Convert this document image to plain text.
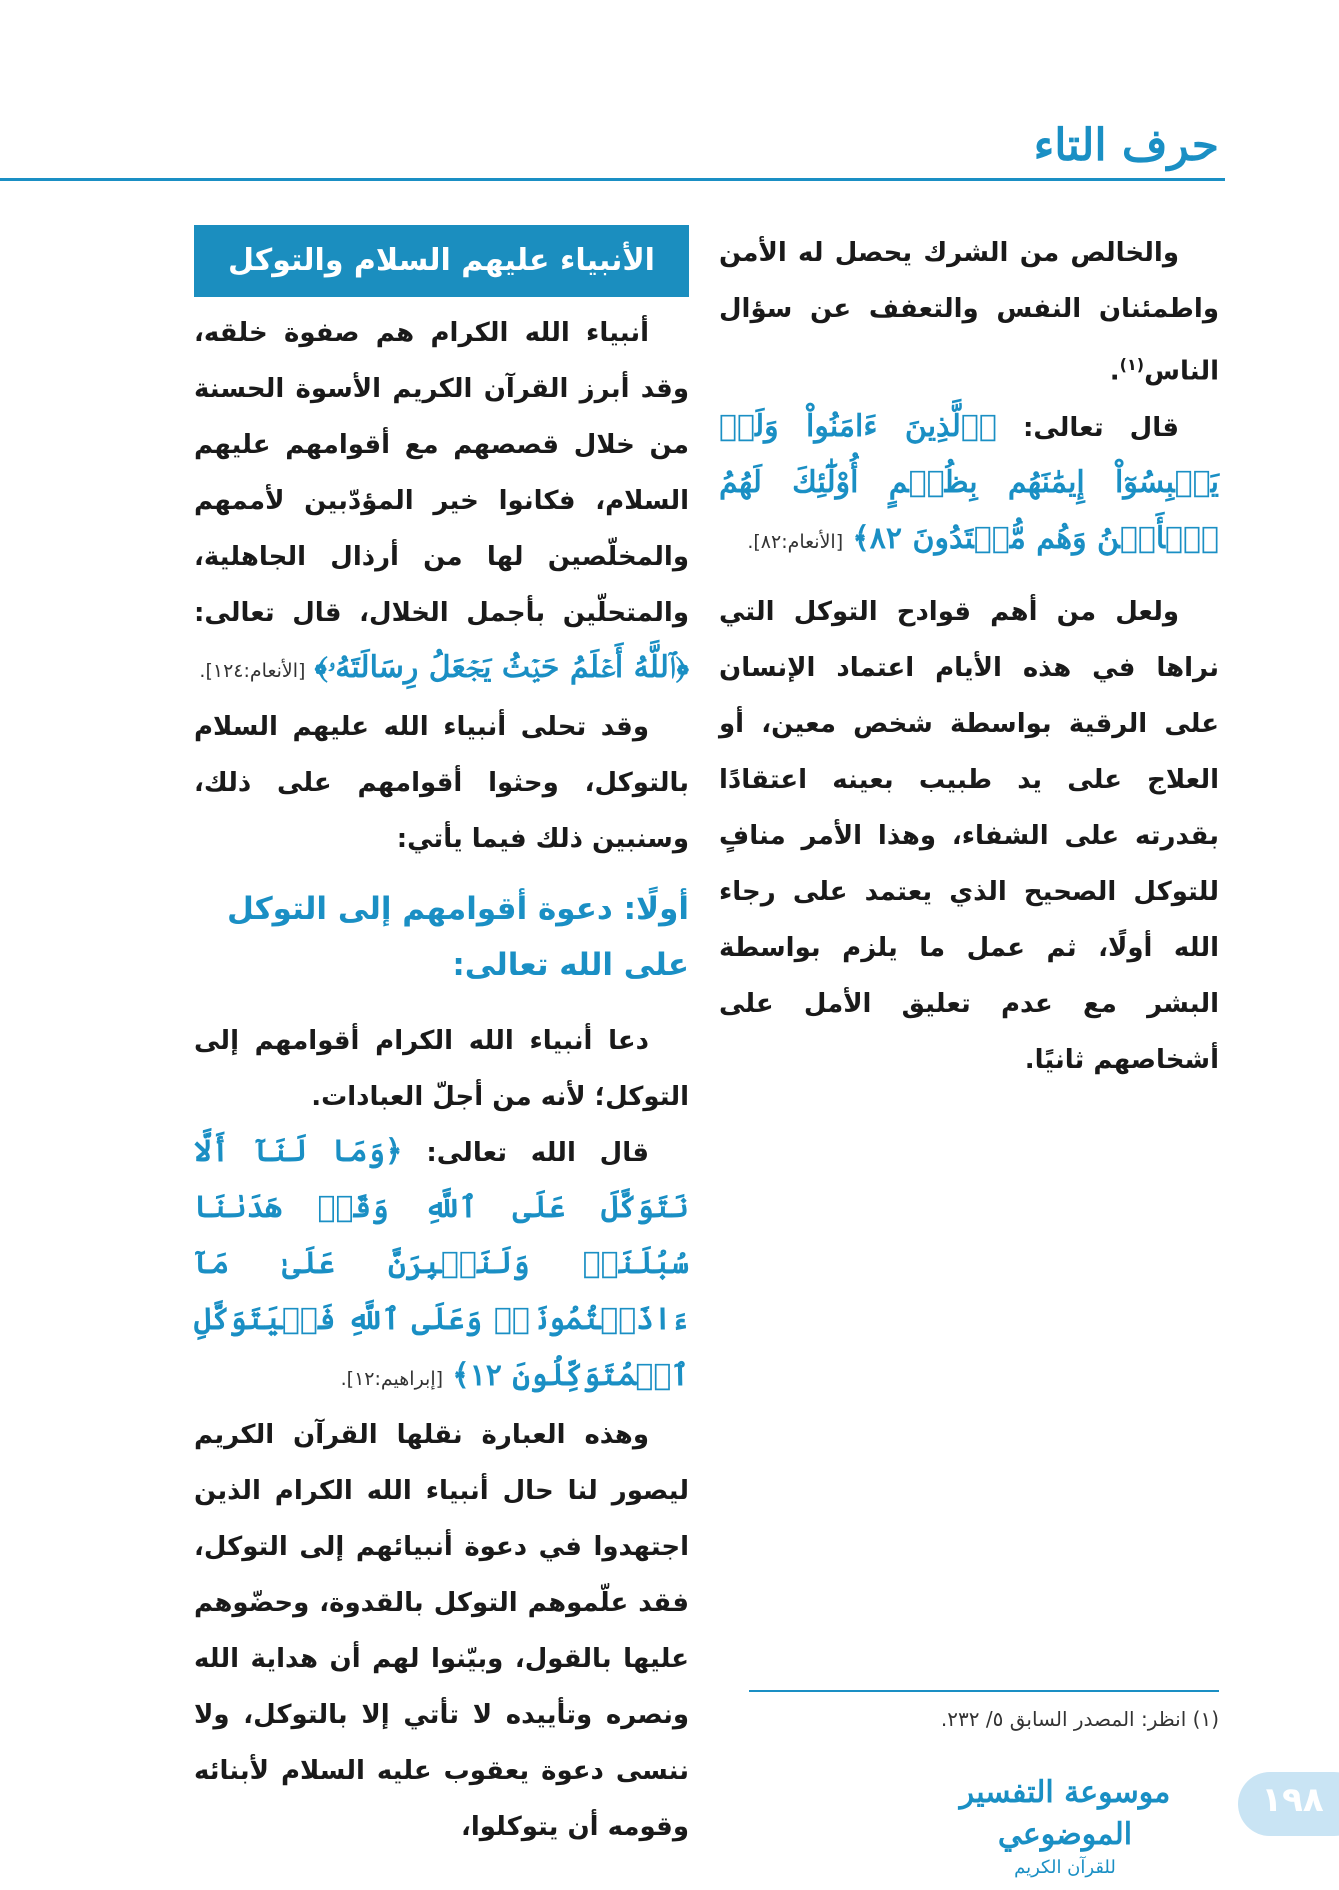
حرف التاء

والخالص من الشرك يحصل له الأمن واطمئنان النفس والتعفف عن سؤال الناس$^{(١)}$.

قال تعالى: ﴿ٱلَّذِينَ ءَامَنُواْ وَلَمۡ يَلۡبِسُوٓاْ إِيمَٰنَهُم بِظُلۡمٍ أُوْلَٰٓئِكَ لَهُمُ ٱلۡأَمۡنُ وَهُم مُّهۡتَدُونَ ٨٢﴾ [الأنعام:٨٢].

ولعل من أهم قوادح التوكل التي نراها في هذه الأيام اعتماد الإنسان على الرقية بواسطة شخص معين، أو العلاج على يد طبيب بعينه اعتقادًا بقدرته على الشفاء، وهذا الأمر منافٍ للتوكل الصحيح الذي يعتمد على رجاء الله أولًا، ثم عمل ما يلزم بواسطة البشر مع عدم تعليق الأمل على أشخاصهم ثانيًا.

الأنبياء عليهم السلام والتوكل

أنبياء الله الكرام هم صفوة خلقه، وقد أبرز القرآن الكريم الأسوة الحسنة من خلال قصصهم مع أقوامهم عليهم السلام، فكانوا خير المؤدّبين لأممهم والمخلّصين لها من أرذال الجاهلية، والمتحلّين بأجمل الخلال، قال تعالى: ﴿ٱللَّهُ أَعۡلَمُ حَيۡثُ يَجۡعَلُ رِسَالَتَهُۥ﴾ [الأنعام:١٢٤].

وقد تحلى أنبياء الله عليهم السلام بالتوكل، وحثوا أقوامهم على ذلك، وسنبين ذلك فيما يأتي:

أولًا: دعوة أقوامهم إلى التوكل على الله تعالى:

دعا أنبياء الله الكرام أقوامهم إلى التوكل؛ لأنه من أجلّ العبادات.

قال الله تعالى: ﴿وَمَا لَنَآ أَلَّا نَتَوَكَّلَ عَلَى ٱللَّهِ وَقَدۡ هَدَىٰنَا سُبُلَنَاۚ وَلَنَصۡبِرَنَّ عَلَىٰ مَآ ءَاذَيۡتُمُونَاۚ وَعَلَى ٱللَّهِ فَلۡيَتَوَكَّلِ ٱلۡمُتَوَكِّلُونَ ١٢﴾ [إبراهيم:١٢].

وهذه العبارة نقلها القرآن الكريم ليصور لنا حال أنبياء الله الكرام الذين اجتهدوا في دعوة أنبيائهم إلى التوكل، فقد علّموهم التوكل بالقدوة، وحضّوهم عليها بالقول، وبيّنوا لهم أن هداية الله ونصره وتأييده لا تأتي إلا بالتوكل، ولا ننسى دعوة يعقوب عليه السلام لأبنائه وقومه أن يتوكلوا،

(١) انظر: المصدر السابق ٥/ ٢٣٢.
١٩٨
موسوعة التفسير الموضوعي
للقرآن الكريم
